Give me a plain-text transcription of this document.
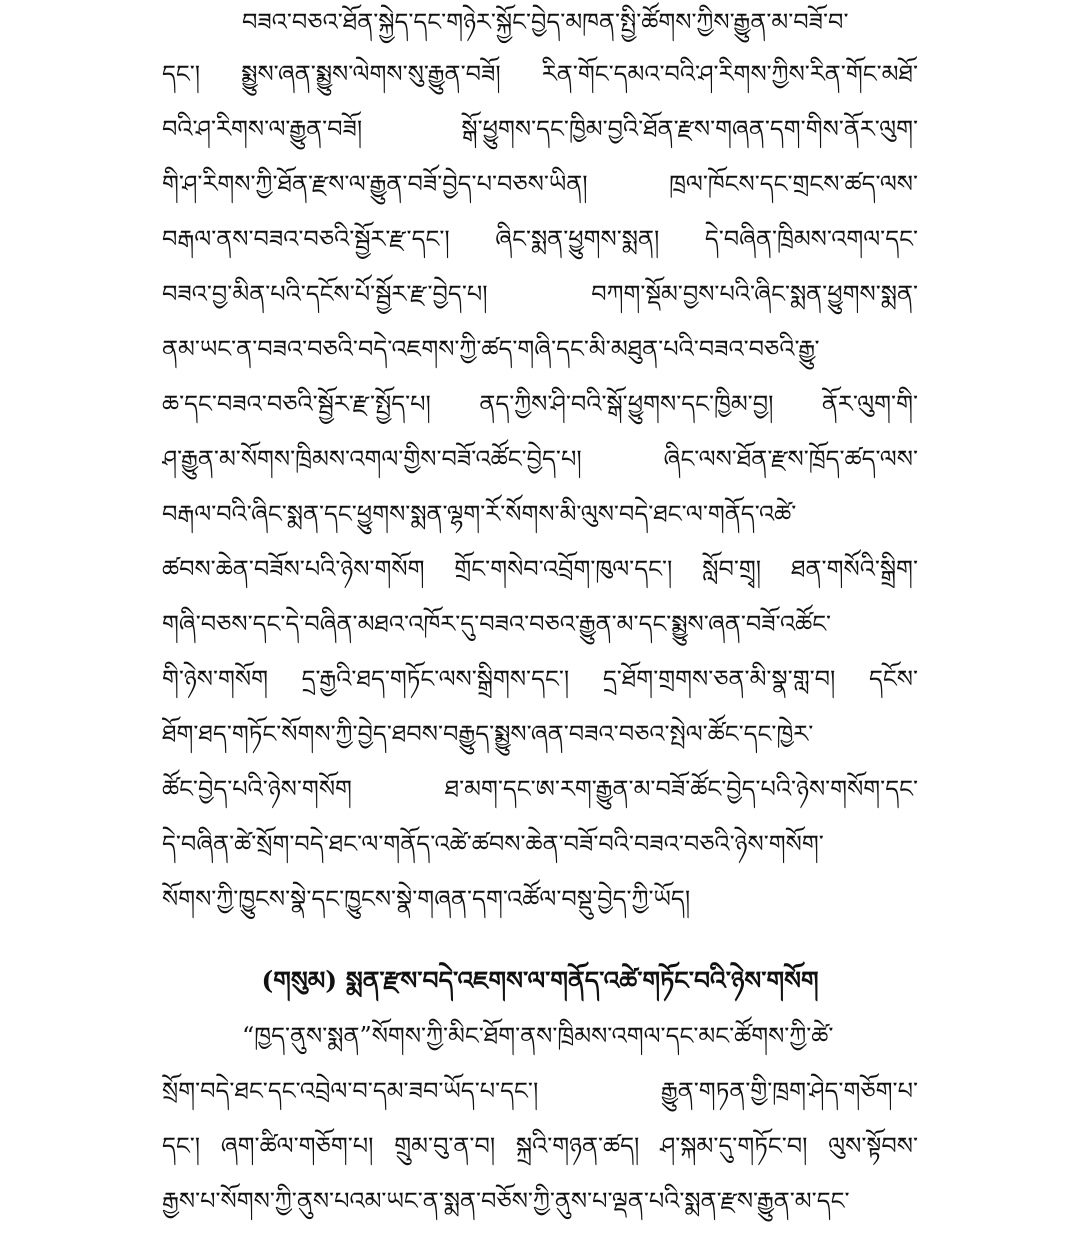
བཟའ་བཅའ་ཐོན་སྐྱེད་དང་གཉེར་སྐྱོང་བྱེད་མཁན་སྤྱི་ཚོགས་ཀྱིས་རྒྱུན་མ་བཟོ་བ་
དང་། སྨྱུས་ཞན་སྨྱུས་ལེགས་སུ་རྒྱུན་བཟོ། རིན་གོང་དམའ་བའི་ཤ་རིགས་ཀྱིས་རིན་གོང་མཐོ་
བའི་ཤ་རིགས་ལ་རྒྱུན་བཟོ། སྒོ་ཕྱུགས་དང་ཁྱིམ་བྱའི་ཐོན་རྫས་གཞན་དག་གིས་ནོར་ལུག་
གི་ཤ་རིགས་ཀྱི་ཐོན་རྫས་ལ་རྒྱུན་བཟོ་བྱེད་པ་བཅས་ཡིན། ཁྲལ་ཁོངས་དང་གྲངས་ཚད་ལས་
བརྒལ་ནས་བཟའ་བཅའི་སྦྱོར་རྫ་དང་། ཞིང་སྨན་ཕྱུགས་སྨན། དེ་བཞིན་ཁྲིམས་འགལ་དང་
བཟའ་བྱ་མིན་པའི་དངོས་པོ་སྦྱོར་རྫ་བྱེད་པ། བཀག་སྡོམ་བྱས་པའི་ཞིང་སྨན་ཕྱུགས་སྨན་
ནམ་ཡང་ན་བཟའ་བཅའི་བདེ་འཇགས་ཀྱི་ཚད་གཞི་དང་མི་མཐུན་པའི་བཟའ་བཅའི་རྒྱུ་
ཆ་དང་བཟའ་བཅའི་སྦྱོར་རྫ་སྤྱོད་པ། ནད་ཀྱིས་ཤི་བའི་སྒོ་ཕྱུགས་དང་ཁྱིམ་བྱ། ནོར་ལུག་གི་
ཤ་རྒྱུན་མ་སོགས་ཁྲིམས་འགལ་གྱིས་བཟོ་འཚོང་བྱེད་པ། ཞིང་ལས་ཐོན་རྫས་ཁྲོད་ཚད་ལས་
བརྒལ་བའི་ཞིང་སྨན་དང་ཕྱུགས་སྨན་ལྷག་རོ་སོགས་མི་ལུས་བདེ་ཐང་ལ་གནོད་འཚེ་
ཚབས་ཆེན་བཟོས་པའི་ཉེས་གསོག གྲོང་གསེབ་འབྲོག་ཁུལ་དང་། སློབ་གྲྭ། ཐན་གསོའི་སྒྲིག་
གཞི་བཅས་དང་དེ་བཞིན་མཐའ་འཁོར་དུ་བཟའ་བཅའ་རྒྱུན་མ་དང་སྨྱུས་ཞན་བཟོ་འཚོང་
གི་ཉེས་གསོག དྲ་རྒྱའི་ཐད་གཏོང་ལས་སྒྲིགས་དང་། དྲ་ཐོག་གྲགས་ཅན་མི་སྣ་གླ་བ། དངོས་
ཐོག་ཐད་གཏོང་སོགས་ཀྱི་བྱེད་ཐབས་བརྒྱུད་སྨྱུས་ཞན་བཟའ་བཅའ་སྤེལ་ཚོང་དང་ཁྱེར་
ཚོང་བྱེད་པའི་ཉེས་གསོག ཐ་མག་དང་ཨ་རག་རྒྱུན་མ་བཟོ་ཚོང་བྱེད་པའི་ཉེས་གསོག་དང་
དེ་བཞིན་ཚེ་སྲོག་བདེ་ཐང་ལ་གནོད་འཚེ་ཚབས་ཆེན་བཟོ་བའི་བཟའ་བཅའི་ཉེས་གསོག་
སོགས་ཀྱི་ཁྱུངས་སྣེ་དང་ཁྱུངས་སྣེ་གཞན་དག་འཚོལ་བསྡུ་བྱེད་ཀྱི་ཡོད།
(གསུམ) སྨན་རྫས་བདེ་འཇགས་ལ་གནོད་འཚེ་གཏོང་བའི་ཉེས་གསོག
“ཁྱད་ནུས་སྨན”སོགས་ཀྱི་མིང་ཐོག་ནས་ཁྲིམས་འགལ་དང་མང་ཚོགས་ཀྱི་ཚེ་
སྲོག་བདེ་ཐང་དང་འབྲེལ་བ་དམ་ཟབ་ཡོད་པ་དང་། རྒྱུན་གཏན་གྱི་ཁྲག་ཤེད་གཅོག་པ་
དང་། ཞག་ཚིལ་གཅོག་པ། གྲུམ་བུ་ན་བ། སྐྲའི་གཉན་ཚད། ཤ་སྐམ་དུ་གཏོང་བ། ལུས་སྟོབས་
རྒྱས་པ་སོགས་ཀྱི་ནུས་པའམ་ཡང་ན་སྨན་བཅོས་ཀྱི་ནུས་པ་ལྡན་པའི་སྨན་རྫས་རྒྱུན་མ་དང་
